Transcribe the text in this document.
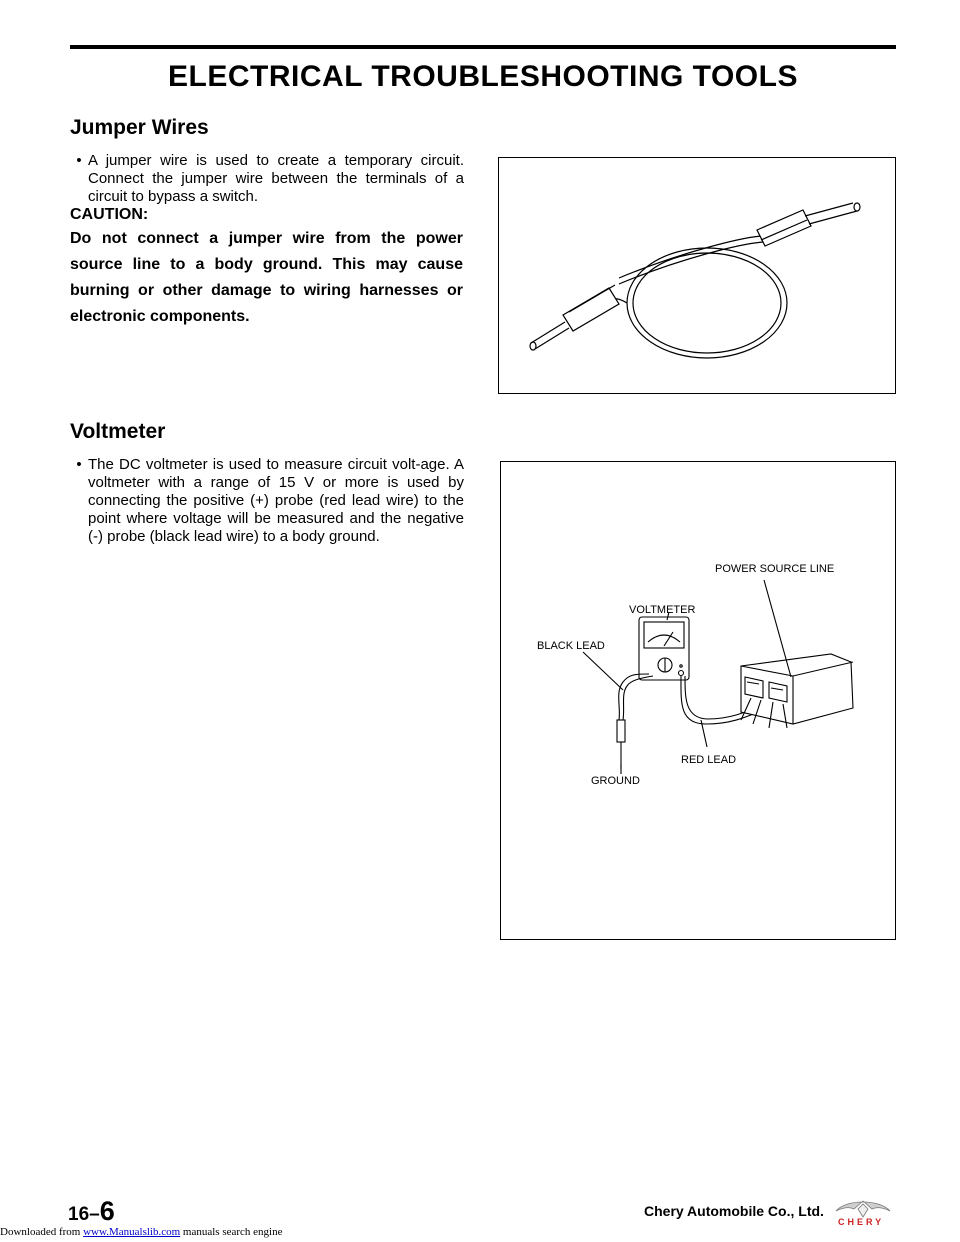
ELECTRICAL TROUBLESHOOTING TOOLS
Jumper Wires
• A jumper wire is used to create a temporary circuit. Connect the jumper wire between the terminals of a circuit to bypass a switch.
CAUTION:
Do not connect a jumper wire from the power source line to a body ground. This may cause burning or other damage to wiring harnesses or electronic components.
Voltmeter
• The DC voltmeter is used to measure circuit volt-age. A voltmeter with a range of 15 V or more is used by connecting the positive (+) probe (red lead wire) to the point where voltage will be measured and the negative (-) probe (black lead wire) to a body ground.
POWER SOURCE LINE
VOLTMETER
BLACK LEAD
RED LEAD
GROUND
16–6	Chery Automobile Co., Ltd.
CHERY
Downloaded from www.Manualslib.com manuals search engine
